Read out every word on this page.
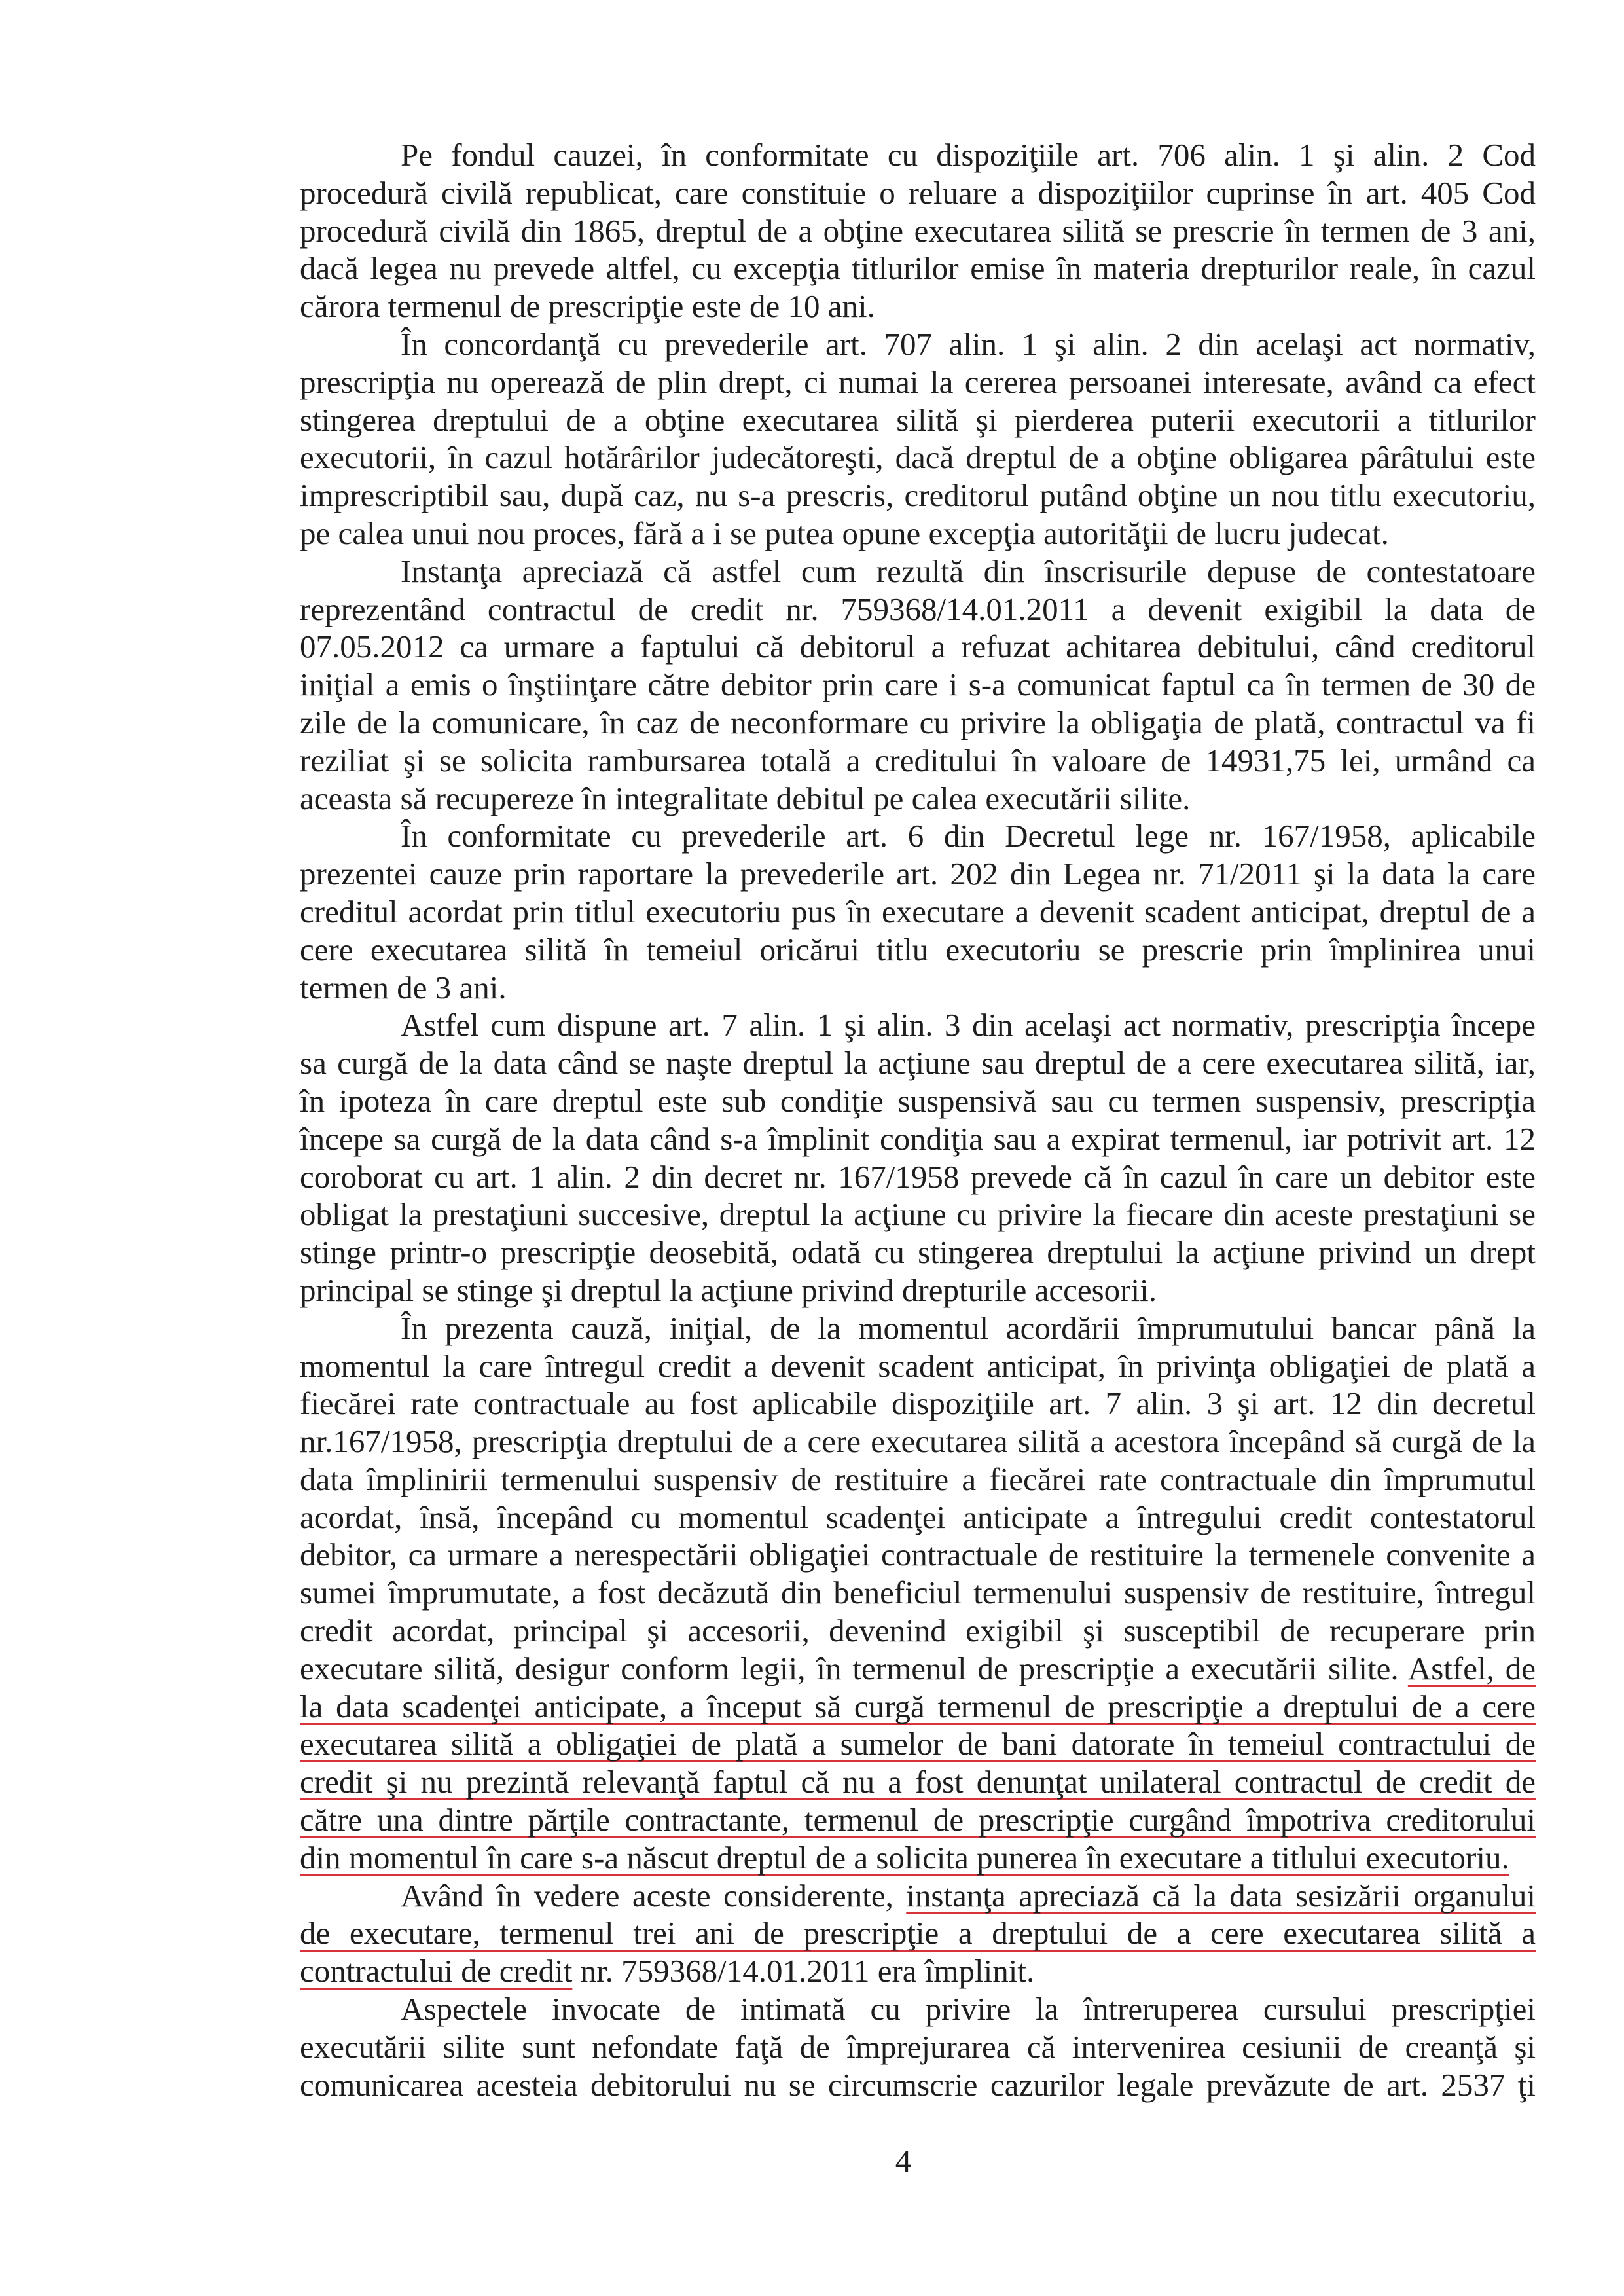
Pe fondul cauzei, în conformitate cu dispoziţiile art. 706 alin. 1 şi alin. 2 Cod
procedură civilă republicat, care constituie o reluare a dispoziţiilor cuprinse în art. 405 Cod
procedură civilă din 1865, dreptul de a obţine executarea silită se prescrie în termen de 3 ani,
dacă legea nu prevede altfel, cu excepţia titlurilor emise în materia drepturilor reale, în cazul
cărora termenul de prescripţie este de 10 ani.
În concordanţă cu prevederile art. 707 alin. 1 şi alin. 2 din acelaşi act normativ,
prescripţia nu operează de plin drept, ci numai la cererea persoanei interesate, având ca efect
stingerea dreptului de a obţine executarea silită şi pierderea puterii executorii a titlurilor
executorii, în cazul hotărârilor judecătoreşti, dacă dreptul de a obţine obligarea pârâtului este
imprescriptibil sau, după caz, nu s-a prescris, creditorul putând obţine un nou titlu executoriu,
pe calea unui nou proces, fără a i se putea opune excepţia autorităţii de lucru judecat.
Instanţa apreciază că astfel cum rezultă din înscrisurile depuse de contestatoare
reprezentând contractul de credit nr. 759368/14.01.2011 a devenit exigibil la data de
07.05.2012 ca urmare a faptului că debitorul a refuzat achitarea debitului, când creditorul
iniţial a emis o înştiinţare către debitor prin care i s-a comunicat faptul ca în termen de 30 de
zile de la comunicare, în caz de neconformare cu privire la obligaţia de plată, contractul va fi
reziliat şi se solicita rambursarea totală a creditului în valoare de 14931,75 lei, urmând ca
aceasta să recupereze în integralitate debitul pe calea executării silite.
În conformitate cu prevederile art. 6 din Decretul lege nr. 167/1958, aplicabile
prezentei cauze prin raportare la prevederile art. 202 din Legea nr. 71/2011 şi la data la care
creditul acordat prin titlul executoriu pus în executare a devenit scadent anticipat, dreptul de a
cere executarea silită în temeiul oricărui titlu executoriu se prescrie prin împlinirea unui
termen de 3 ani.
Astfel cum dispune art. 7 alin. 1 şi alin. 3 din acelaşi act normativ, prescripţia începe
sa curgă de la data când se naşte dreptul la acţiune sau dreptul de a cere executarea silită, iar,
în ipoteza în care dreptul este sub condiţie suspensivă sau cu termen suspensiv, prescripţia
începe sa curgă de la data când s-a împlinit condiţia sau a expirat termenul, iar potrivit art. 12
coroborat cu art. 1 alin. 2 din decret nr. 167/1958 prevede că în cazul în care un debitor este
obligat la prestaţiuni succesive, dreptul la acţiune cu privire la fiecare din aceste prestaţiuni se
stinge printr-o prescripţie deosebită, odată cu stingerea dreptului la acţiune privind un drept
principal se stinge şi dreptul la acţiune privind drepturile accesorii.
În prezenta cauză, iniţial, de la momentul acordării împrumutului bancar până la
momentul la care întregul credit a devenit scadent anticipat, în privinţa obligaţiei de plată a
fiecărei rate contractuale au fost aplicabile dispoziţiile art. 7 alin. 3 şi art. 12 din decretul
nr.167/1958, prescripţia dreptului de a cere executarea silită a acestora începând să curgă de la
data împlinirii termenului suspensiv de restituire a fiecărei rate contractuale din împrumutul
acordat, însă, începând cu momentul scadenţei anticipate a întregului credit contestatorul
debitor, ca urmare a nerespectării obligaţiei contractuale de restituire la termenele convenite a
sumei împrumutate, a fost decăzută din beneficiul termenului suspensiv de restituire, întregul
credit acordat, principal şi accesorii, devenind exigibil şi susceptibil de recuperare prin
executare silită, desigur conform legii, în termenul de prescripţie a executării silite. Astfel, de
la data scadenţei anticipate, a început să curgă termenul de prescripţie a dreptului de a cere
executarea silită a obligaţiei de plată a sumelor de bani datorate în temeiul contractului de
credit şi nu prezintă relevanţă faptul că nu a fost denunţat unilateral contractul de credit de
către una dintre părţile contractante, termenul de prescripţie curgând împotriva creditorului
din momentul în care s-a născut dreptul de a solicita punerea în executare a titlului executoriu.
Având în vedere aceste considerente, instanţa apreciază că la data sesizării organului
de executare, termenul trei ani de prescripţie a dreptului de a cere executarea silită a
contractului de credit nr. 759368/14.01.2011 era împlinit.
Aspectele invocate de intimată cu privire la întreruperea cursului prescripţiei
executării silite sunt nefondate faţă de împrejurarea că intervenirea cesiunii de creanţă şi
comunicarea acesteia debitorului nu se circumscrie cazurilor legale prevăzute de art. 2537 ţi
4
